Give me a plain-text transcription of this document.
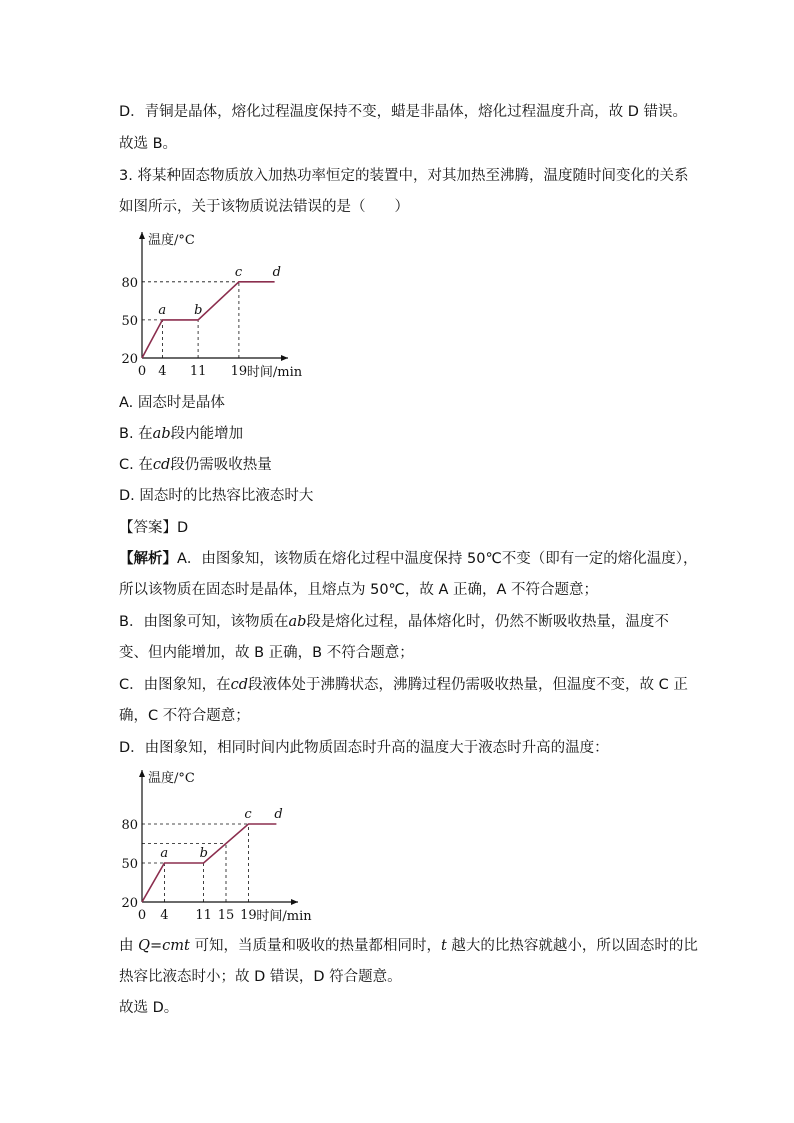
D．青铜是晶体，熔化过程温度保持不变，蜡是非晶体，熔化过程温度升高，故 D 错误。
故选 B。
3. 将某种固态物质放入加热功率恒定的装置中，对其加热至沸腾，温度随时间变化的关系
如图所示，关于该物质说法错误的是（　　）
温度/°C
a b
c d
20
50
80
0 4 11 19 时间/min
A. 固态时是晶体
B. 在ab段内能增加
C. 在cd段仍需吸收热量
D. 固态时的比热容比液态时大
【答案】D
【解析】A．由图象知，该物质在熔化过程中温度保持 50℃不变（即有一定的熔化温度），
所以该物质在固态时是晶体，且熔点为 50℃，故 A 正确，A 不符合题意；
B．由图象可知，该物质在ab段是熔化过程，晶体熔化时，仍然不断吸收热量，温度不
变、但内能增加，故 B 正确，B 不符合题意；
C．由图象知，在cd段液体处于沸腾状态，沸腾过程仍需吸收热量，但温度不变，故 C 正
确，C 不符合题意；
D．由图象知，相同时间内此物质固态时升高的温度大于液态时升高的温度：
温度/°C
a b
c d
20
50
80
0 4 11 15 19 时间/min
由 Q=cmt 可知，当质量和吸收的热量都相同时，t 越大的比热容就越小，所以固态时的比
热容比液态时小；故 D 错误，D 符合题意。
故选 D。
